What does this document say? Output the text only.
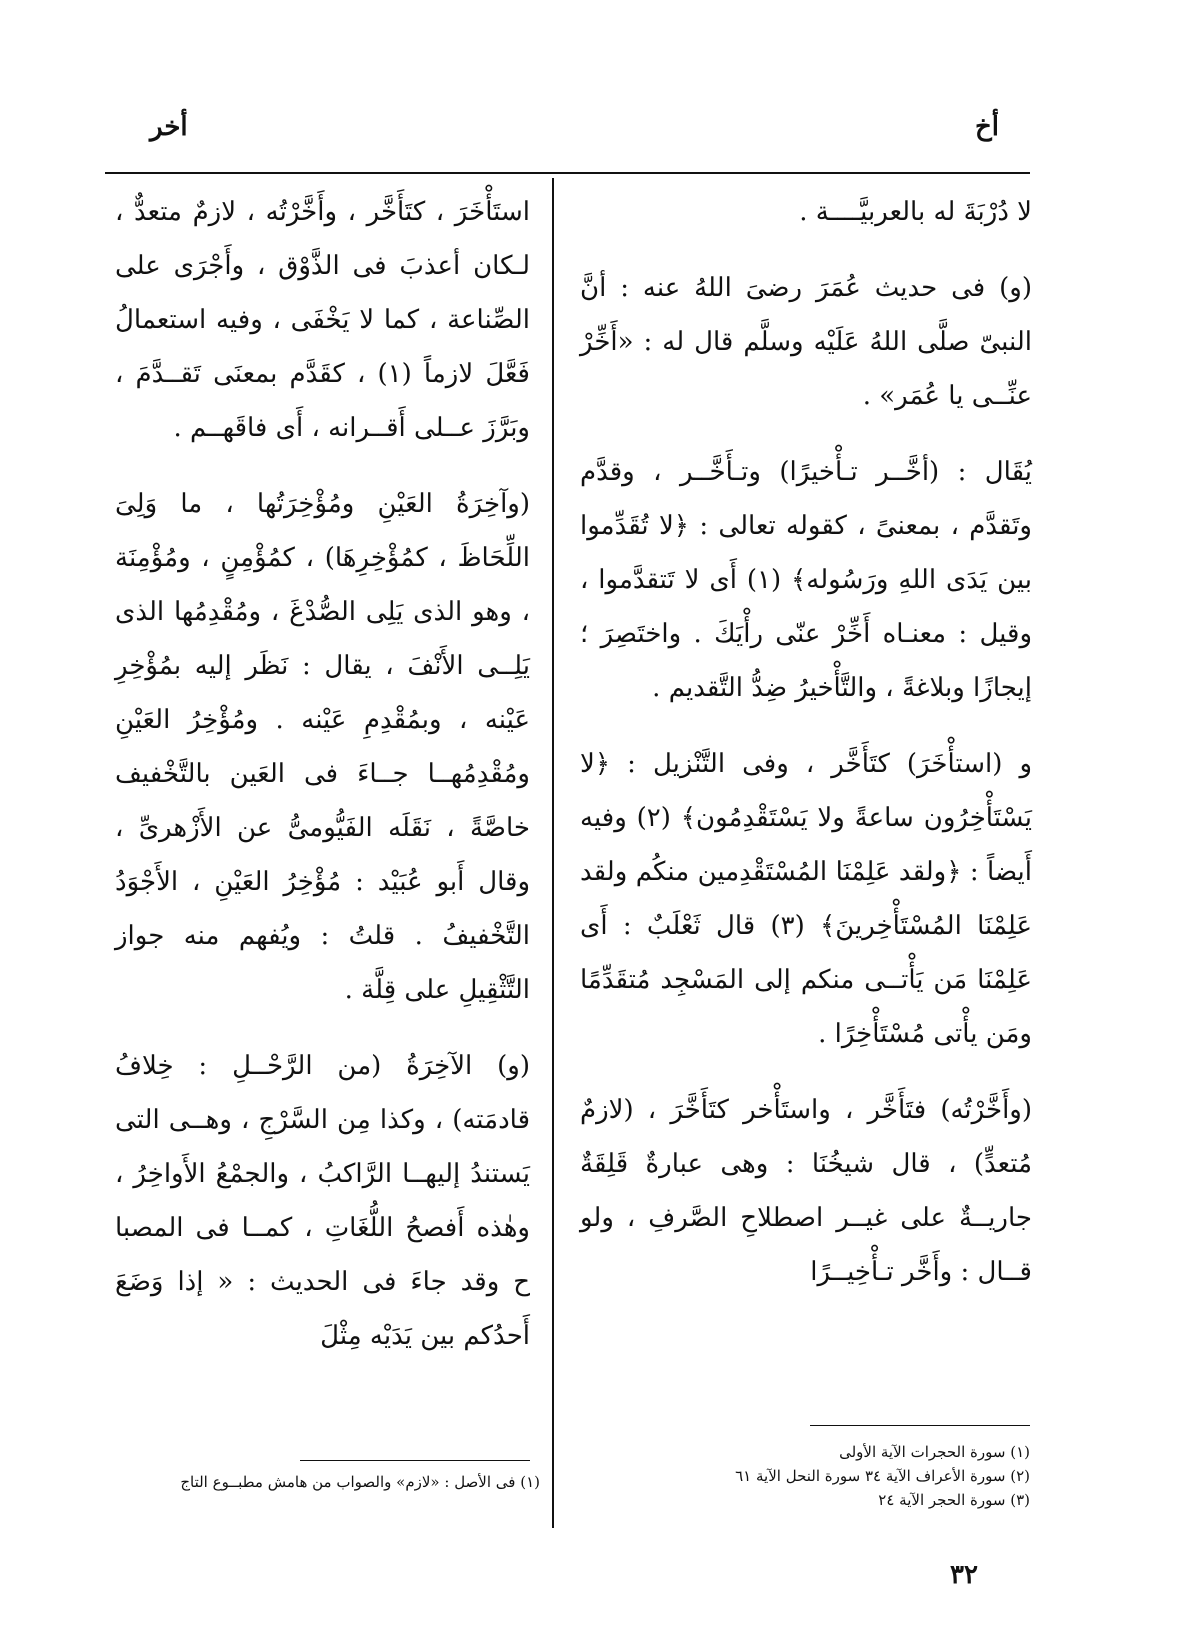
أخر	أخ

لا دُرْبَةَ له بالعربيَّــــة .

(و) فى حديث عُمَرَ رضىَ اللهُ عنه : أنَّ النبىّ صلَّى اللهُ عَلَيْه وسلَّم قال له : «أَخِّرْ عنِّــى يا عُمَر» .

يُقَال : (أخَّــر تـأْخيرًا) وتـأَخَّــر ، وقدَّم وتَقدَّم ، بمعنىً ، كقوله تعالى : ﴿لا تُقَدِّموا بين يَدَى اللهِ ورَسُوله﴾ (١) أَى لا تَتقدَّموا ، وقيل : معنـاه أَخِّرْ عنّى رأْيَكَ . واختَصِرَ ؛ إيجازًا وبلاغةً ، والتَّأْخيرُ ضِدُّ التَّقديم .

و (استأْخَرَ) كتَأَخَّر ، وفى التَّنْزيل : ﴿لا يَسْتَأْخِرُون ساعةً ولا يَسْتَقْدِمُون﴾ (٢) وفيه أَيضاً : ﴿ولقد عَلِمْنَا المُسْتَقْدِمين منكُم ولقد عَلِمْنَا المُسْتَأْخِرينَ﴾ (٣) قال ثَعْلَبٌ : أَى عَلِمْنَا مَن يَأْتــى منكم إلى المَسْجِد مُتقَدِّمًا ومَن يأْتى مُسْتَأْخِرًا .

(وأَخَّرْتُه) فتَأَخَّر ، واستَأْخر كتَأَخَّرَ ، (لازمٌ مُتعدٍّ) ، قال شيخُنَا : وهى عبارةٌ قَلِقَةٌ جاريــةٌ على غيــر اصطلاحِ الصَّرفِ ، ولو قــال : وأَخَّر تـأْخِيــرًا

استَأْخَرَ ، كتَأَخَّر ، وأَخَّرْتُه ، لازمٌ متعدٌّ ، لـكان أعذبَ فى الذَّوْق ، وأَجْرَى على الصِّناعة ، كما لا يَخْفَى ، وفيه استعمالُ فَعَّلَ لازماً (١) ، كقَدَّم بمعنَى تَقــدَّمَ ، وبَرَّزَ عــلى أَقــرانه ، أَى فاقَهــم .

(وآخِرَةُ العَيْنِ ومُؤْخِرَتُها ، ما وَلِىَ اللِّحَاظَ ، كمُؤْخِرِهَا) ، كمُؤْمِنٍ ، ومُؤْمِنَة ، وهو الذى يَلِى الصُّدْغَ ، ومُقْدِمُها الذى يَلِــى الأَنْفَ ، يقال : نَظَر إليه بمُؤْخِرِ عَيْنه ، وبمُقْدِمِ عَيْنه . ومُؤْخِرُ العَيْنِ ومُقْدِمُهــا جــاءَ فى العَين بالتَّخْفيف خاصَّةً ، نَقَلَه الفَيُّومىُّ عن الأَزْهرىِّ ، وقال أَبو عُبَيْد : مُؤْخِرُ العَيْنِ ، الأَجْوَدُ التَّخْفيفُ . قلتُ : ويُفهم منه جواز التَّثْقِيلِ على قِلَّة .

(و) الآخِرَةُ (من الرَّحْــلِ : خِلافُ قادمَته) ، وكذا مِن السَّرْجِ ، وهــى التى يَستندُ إليهــا الرَّاكبُ ، والجمْعُ الأَواخِرُ ، وهٰذه أَفصحُ اللُّغَاتِ ، كمــا فى المصبا ح وقد جاءَ فى الحديث : « إذا وَضَعَ أَحدُكم بين يَدَيْه مِثْلَ

(١) سورة الحجرات الآية الأولى
(٢) سورة الأعراف الآية ٣٤ سورة النحل الآية ٦١
(٣) سورة الحجر الآية ٢٤
(١) فى الأصل : «لازم» والصواب من هامش مطبــوع التاج
٣٢
